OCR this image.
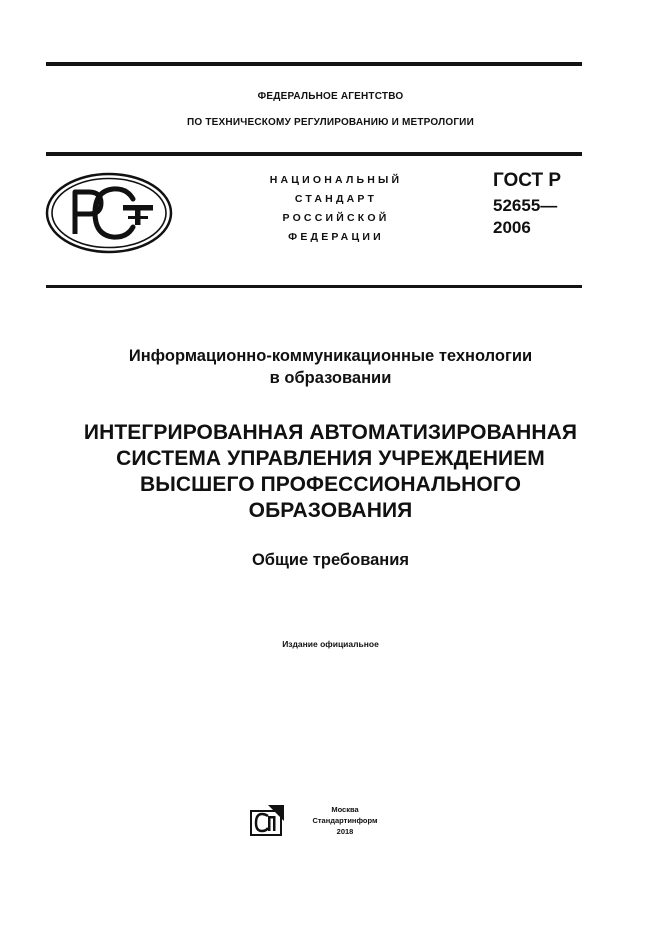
ФЕДЕРАЛЬНОЕ АГЕНТСТВО
ПО ТЕХНИЧЕСКОМУ РЕГУЛИРОВАНИЮ И МЕТРОЛОГИИ
НАЦИОНАЛЬНЫЙ
СТАНДАРТ
РОССИЙСКОЙ
ФЕДЕРАЦИИ
ГОСТ Р
52655—
2006
Информационно-коммуникационные технологии
в образовании
ИНТЕГРИРОВАННАЯ АВТОМАТИЗИРОВАННАЯ
СИСТЕМА УПРАВЛЕНИЯ УЧРЕЖДЕНИЕМ
ВЫСШЕГО ПРОФЕССИОНАЛЬНОГО
ОБРАЗОВАНИЯ
Общие требования
Издание официальное
Москва
Стандартинформ
2018
